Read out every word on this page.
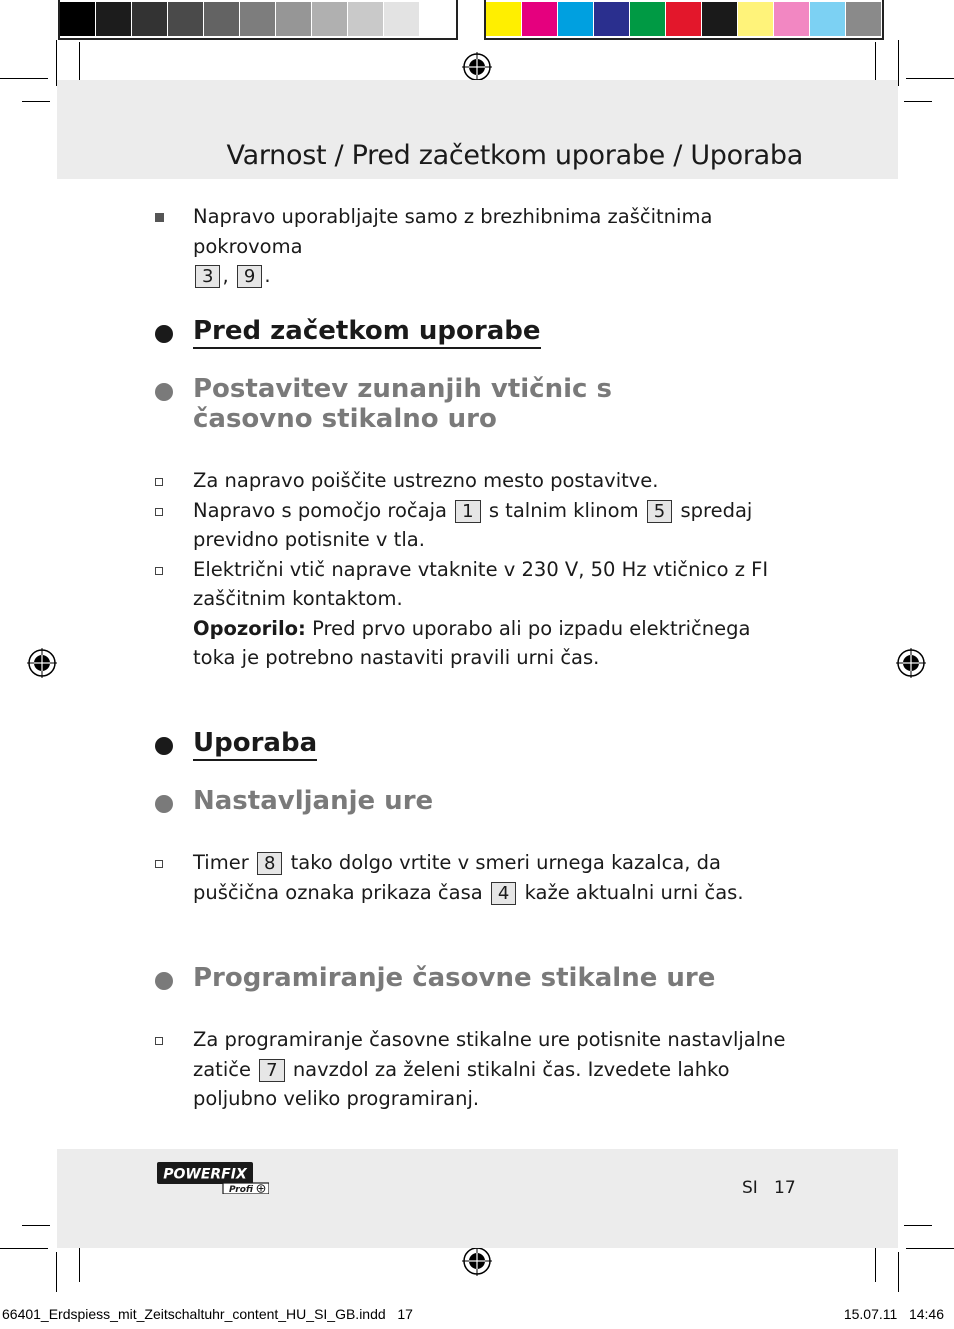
Varnost / Pred začetkom uporabe / Uporaba
Napravo uporabljajte samo z brezhibnima zaščitnima pokrovoma
3 , 9 .
Pred začetkom uporabe
Postavitev zunanjih vtičnic s časovno stikalno uro
Za napravo poiščite ustrezno mesto postavitve.
Napravo s pomočjo ročaja 1 s talnim klinom 5 spredaj previdno potisnite v tla.
Električni vtič naprave vtaknite v 230 V, 50 Hz vtičnico z FI zaščitnim kontaktom.
Opozorilo: Pred prvo uporabo ali po izpadu električnega toka je potrebno nastaviti pravili urni čas.
Uporaba
Nastavljanje ure
Timer 8 tako dolgo vrtite v smeri urnega kazalca, da puščična oznaka prikaza časa 4 kaže aktualni urni čas.
Programiranje časovne stikalne ure
Za programiranje časovne stikalne ure potisnite nastavljalne zatiče 7 navzdol za želeni stikalni čas. Izvedete lahko poljubno veliko programiranj.
POWERFIX
Profi	SI 17
66401_Erdspiess_mit_Zeitschaltuhr_content_HU_SI_GB.indd   17	15.07.11   14:46
